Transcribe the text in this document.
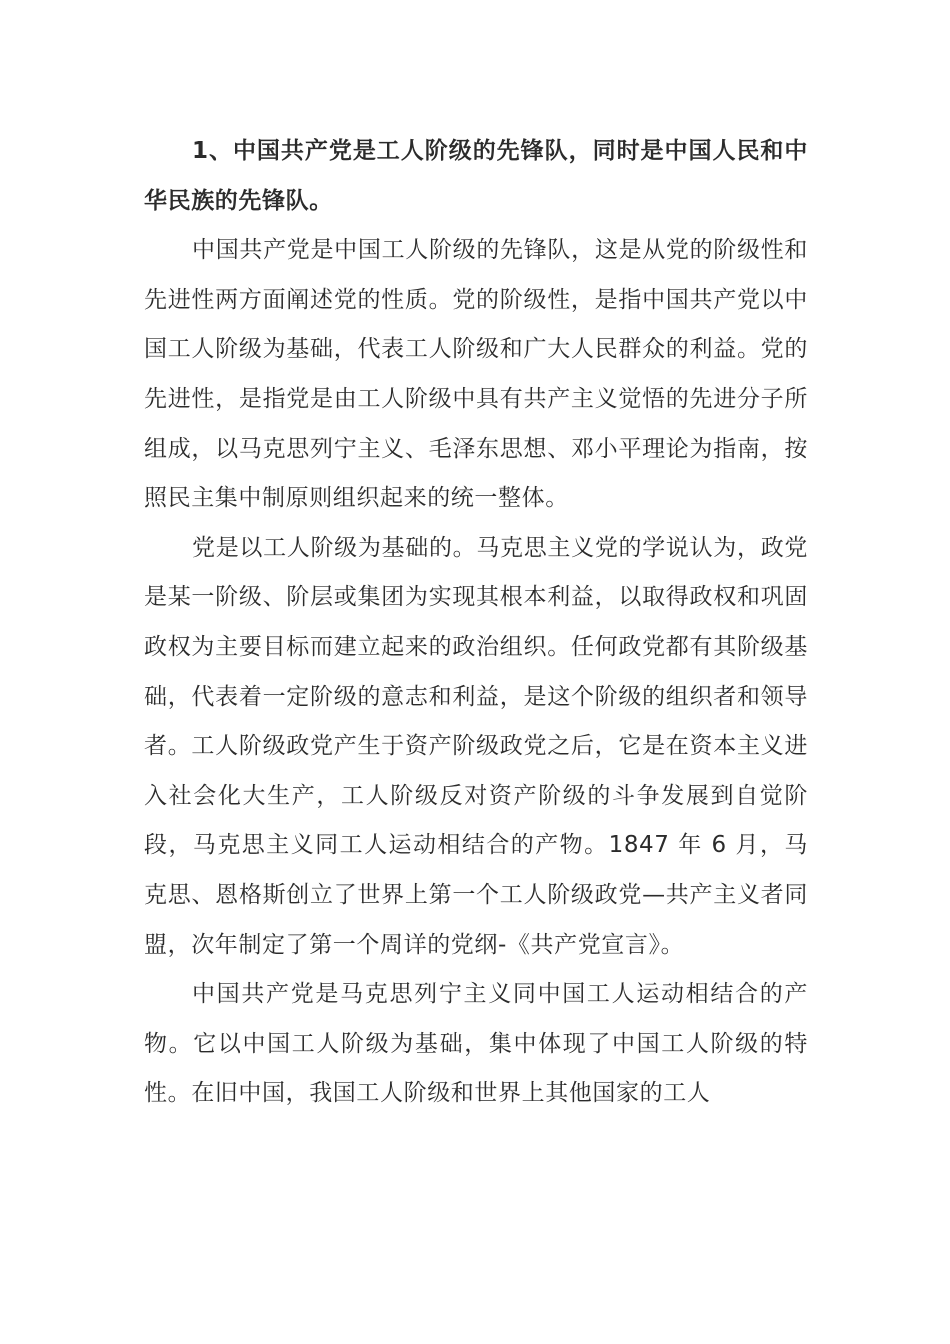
1、中国共产党是工人阶级的先锋队，同时是中国人民和中华民族的先锋队。

中国共产党是中国工人阶级的先锋队，这是从党的阶级性和先进性两方面阐述党的性质。党的阶级性，是指中国共产党以中国工人阶级为基础，代表工人阶级和广大人民群众的利益。党的先进性，是指党是由工人阶级中具有共产主义觉悟的先进分子所组成，以马克思列宁主义、毛泽东思想、邓小平理论为指南，按照民主集中制原则组织起来的统一整体。

党是以工人阶级为基础的。马克思主义党的学说认为，政党是某一阶级、阶层或集团为实现其根本利益，以取得政权和巩固政权为主要目标而建立起来的政治组织。任何政党都有其阶级基础，代表着一定阶级的意志和利益，是这个阶级的组织者和领导者。工人阶级政党产生于资产阶级政党之后，它是在资本主义进入社会化大生产，工人阶级反对资产阶级的斗争发展到自觉阶段，马克思主义同工人运动相结合的产物。1847 年 6 月，马克思、恩格斯创立了世界上第一个工人阶级政党—共产主义者同盟，次年制定了第一个周详的党纲-《共产党宣言》。

中国共产党是马克思列宁主义同中国工人运动相结合的产物。它以中国工人阶级为基础，集中体现了中国工人阶级的特性。在旧中国，我国工人阶级和世界上其他国家的工人
